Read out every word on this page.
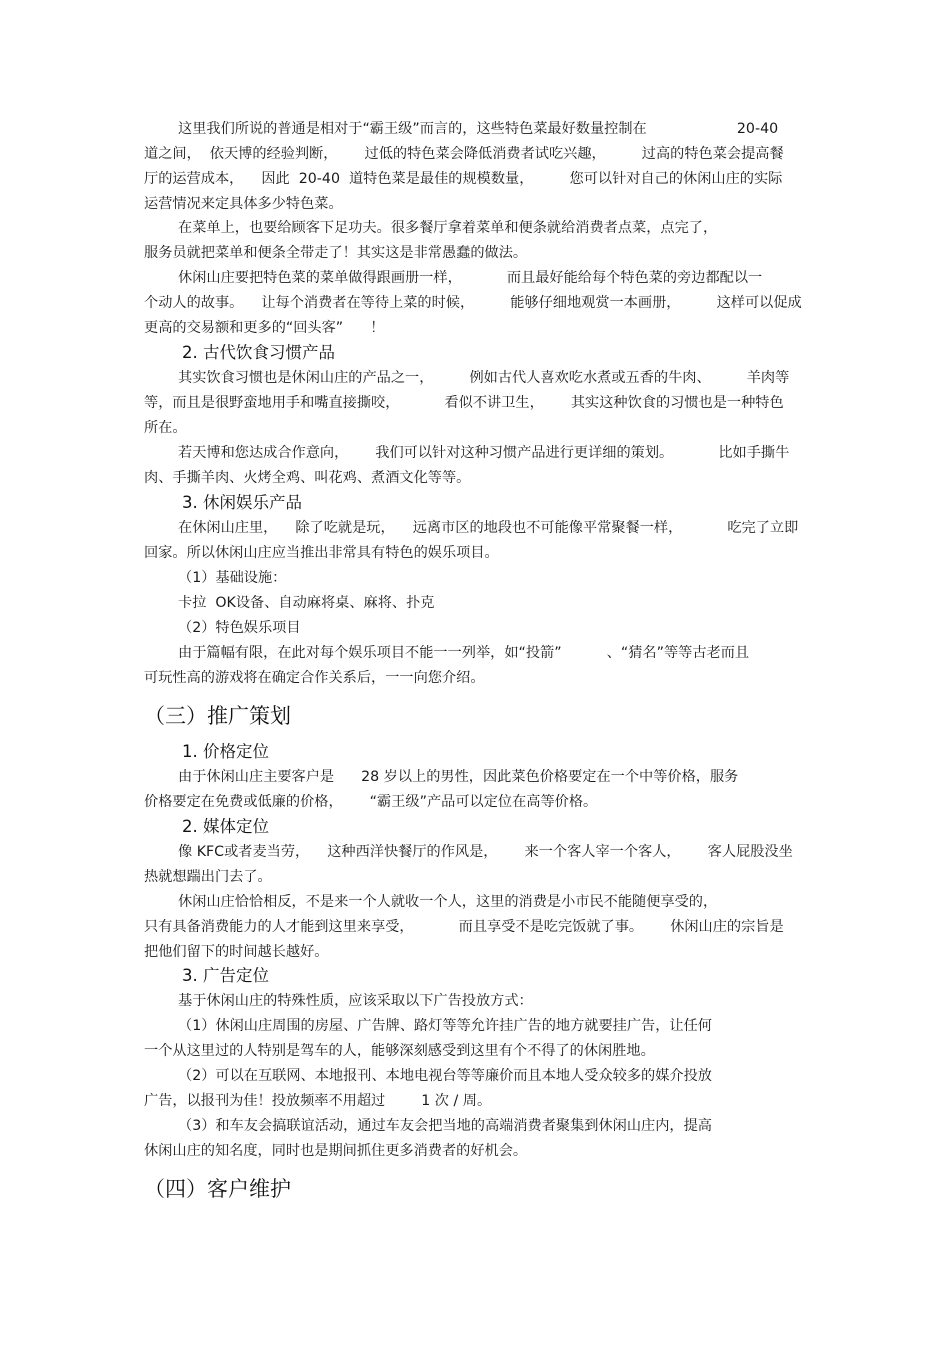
这里我们所说的普通是相对于“霸王级”而言的，这些特色菜最好数量控制在                    20-40
道之间，  依天博的经验判断，      过低的特色菜会降低消费者试吃兴趣，        过高的特色菜会提高餐
厅的运营成本，    因此  20-40  道特色菜是最佳的规模数量，        您可以针对自己的休闲山庄的实际
运营情况来定具体多少特色菜。
在菜单上，也要给顾客下足功夫。很多餐厅拿着菜单和便条就给消费者点菜，点完了，
服务员就把菜单和便条全带走了！其实这是非常愚蠢的做法。
休闲山庄要把特色菜的菜单做得跟画册一样，          而且最好能给每个特色菜的旁边都配以一
个动人的故事。    让每个消费者在等待上菜的时候，        能够仔细地观赏一本画册，        这样可以促成
更高的交易额和更多的“回头客”      ！
2. 古代饮食习惯产品
其实饮食习惯也是休闲山庄的产品之一，        例如古代人喜欢吃水煮或五香的牛肉、        羊肉等
等，而且是很野蛮地用手和嘴直接撕咬，          看似不讲卫生，      其实这种饮食的习惯也是一种特色
所在。
若天博和您达成合作意向，      我们可以针对这种习惯产品进行更详细的策划。          比如手撕牛
肉、手撕羊肉、火烤全鸡、叫花鸡、煮酒文化等等。
3. 休闲娱乐产品
在休闲山庄里，    除了吃就是玩，    远离市区的地段也不可能像平常聚餐一样，          吃完了立即
回家。所以休闲山庄应当推出非常具有特色的娱乐项目。
（1）基础设施：
卡拉  OK设备、自动麻将桌、麻将、扑克
（2）特色娱乐项目
由于篇幅有限，在此对每个娱乐项目不能一一列举，如“投箭”          、“猜名”等等古老而且
可玩性高的游戏将在确定合作关系后，一一向您介绍。
（三）推广策划
1. 价格定位
由于休闲山庄主要客户是      28 岁以上的男性，因此菜色价格要定在一个中等价格，服务
价格要定在免费或低廉的价格，      “霸王级”产品可以定位在高等价格。
2. 媒体定位
像 KFC或者麦当劳，    这种西洋快餐厅的作风是，      来一个客人宰一个客人，      客人屁股没坐
热就想踹出门去了。
休闲山庄恰恰相反，不是来一个人就收一个人，这里的消费是小市民不能随便享受的，
只有具备消费能力的人才能到这里来享受，          而且享受不是吃完饭就了事。      休闲山庄的宗旨是
把他们留下的时间越长越好。
3. 广告定位
基于休闲山庄的特殊性质，应该采取以下广告投放方式：
（1）休闲山庄周围的房屋、广告牌、路灯等等允许挂广告的地方就要挂广告，让任何
一个从这里过的人特别是驾车的人，能够深刻感受到这里有个不得了的休闲胜地。
（2）可以在互联网、本地报刊、本地电视台等等廉价而且本地人受众较多的媒介投放
广告，以报刊为佳！投放频率不用超过        1 次 / 周。
（3）和车友会搞联谊活动，通过车友会把当地的高端消费者聚集到休闲山庄内，提高
休闲山庄的知名度，同时也是期间抓住更多消费者的好机会。
（四）客户维护
